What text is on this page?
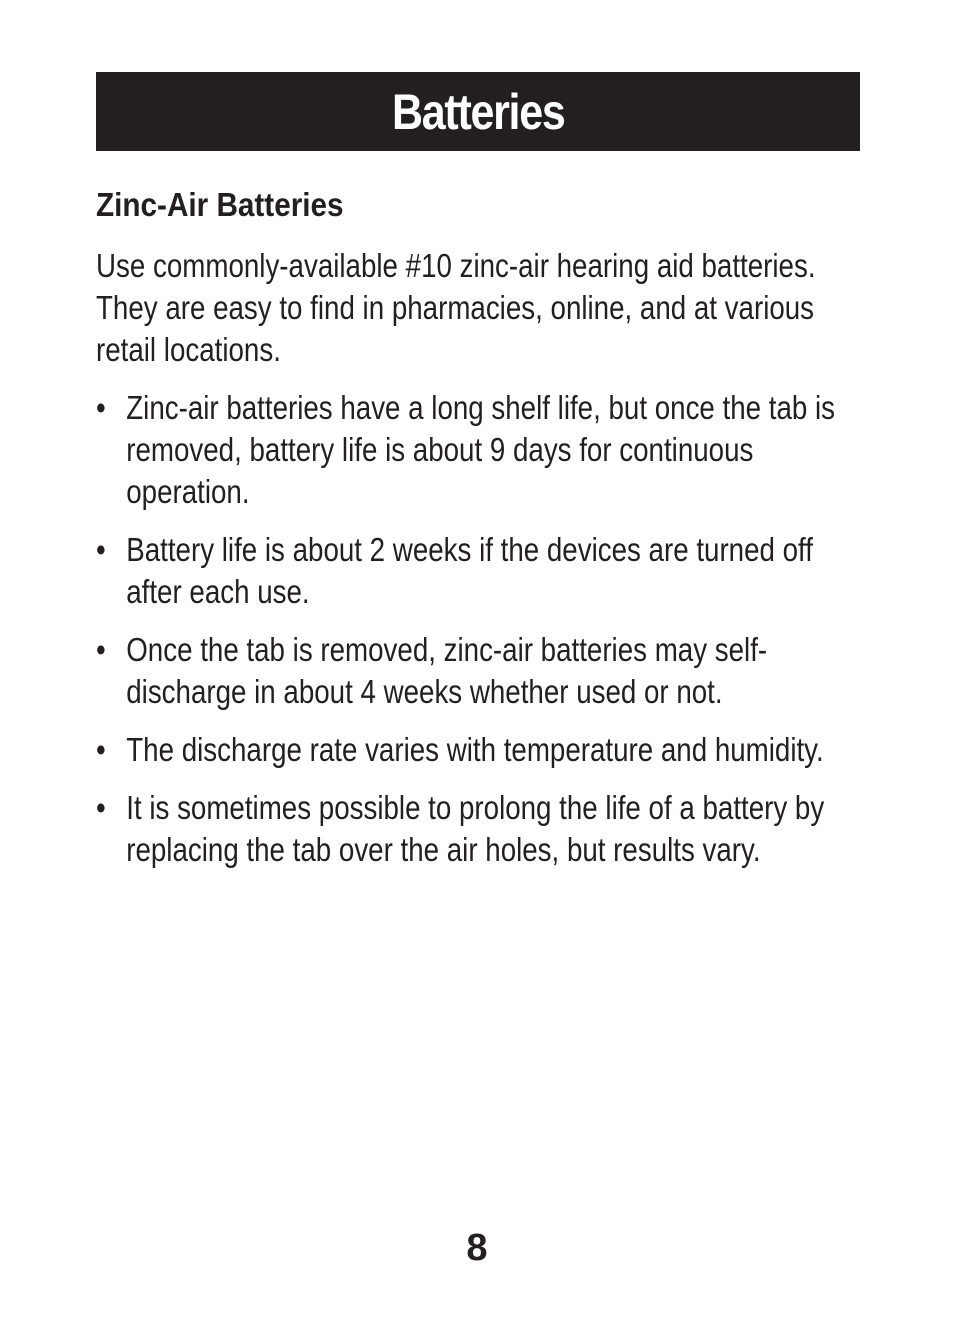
Batteries
Zinc-Air Batteries

Use commonly-available #10 zinc-air hearing aid batteries. They are easy to find in pharmacies, online, and at various retail locations.

• Zinc-air batteries have a long shelf life, but once the tab is removed, battery life is about 9 days for continuous operation.
• Battery life is about 2 weeks if the devices are turned off after each use.
• Once the tab is removed, zinc-air batteries may self-discharge in about 4 weeks whether used or not.
• The discharge rate varies with temperature and humidity.
• It is sometimes possible to prolong the life of a battery by replacing the tab over the air holes, but results vary.
8
